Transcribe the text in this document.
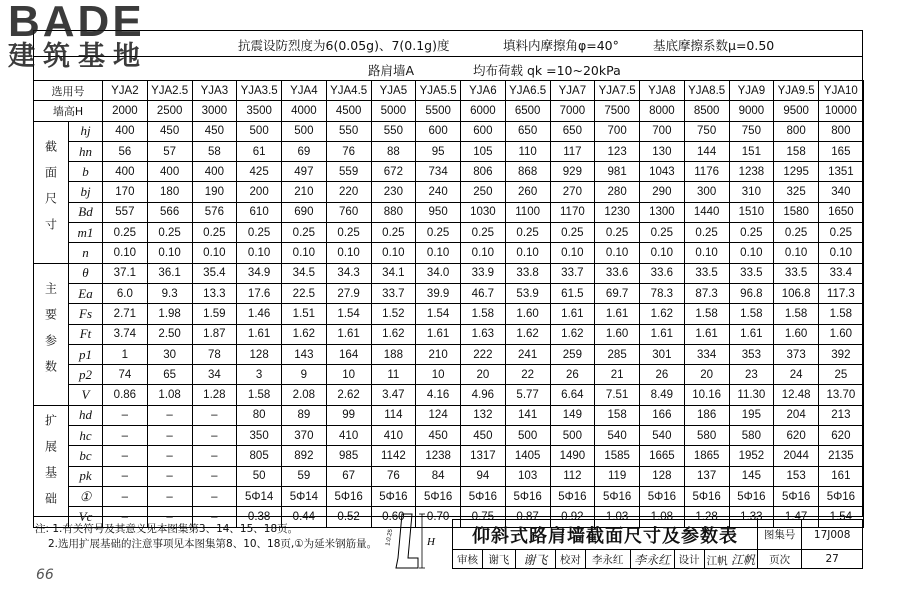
BADE
建筑基地	抗震设防烈度为6(0.05g)、7(0.1g)度	填料内摩擦角φ=40°	基底摩擦系数μ=0.50
路肩墙A	均布荷载 qk =10~20kPa
选用号		YJA2	YJA2.5	YJA3	YJA3.5	YJA4	YJA4.5	YJA5	YJA5.5	YJA6	YJA6.5	YJA7	YJA7.5	YJA8	YJA8.5	YJA9	YJA9.5	YJA10
墙高H		2000	2500	3000	3500	4000	4500	5000	5500	6000	6500	7000	7500	8000	8500	9000	9500	10000
截面尺寸	hj	400	450	450	500	500	550	550	600	600	650	650	700	700	750	750	800	800
	hn	56	57	58	61	69	76	88	95	105	110	117	123	130	144	151	158	165
	b	400	400	400	425	497	559	672	734	806	868	929	981	1043	1176	1238	1295	1351
	bj	170	180	190	200	210	220	230	240	250	260	270	280	290	300	310	325	340
	Bd	557	566	576	610	690	760	880	950	1030	1100	1170	1230	1300	1440	1510	1580	1650
	m1	0.25	0.25	0.25	0.25	0.25	0.25	0.25	0.25	0.25	0.25	0.25	0.25	0.25	0.25	0.25	0.25	0.25
	n	0.10	0.10	0.10	0.10	0.10	0.10	0.10	0.10	0.10	0.10	0.10	0.10	0.10	0.10	0.10	0.10	0.10
主要参数	θ	37.1	36.1	35.4	34.9	34.5	34.3	34.1	34.0	33.9	33.8	33.7	33.6	33.6	33.5	33.5	33.5	33.4
	Ea	6.0	9.3	13.3	17.6	22.5	27.9	33.7	39.9	46.7	53.9	61.5	69.7	78.3	87.3	96.8	106.8	117.3
	Fs	2.71	1.98	1.59	1.46	1.51	1.54	1.52	1.54	1.58	1.60	1.61	1.61	1.62	1.58	1.58	1.58	1.58
	Ft	3.74	2.50	1.87	1.61	1.62	1.61	1.62	1.61	1.63	1.62	1.62	1.60	1.61	1.61	1.61	1.60	1.60
	p1	1	30	78	128	143	164	188	210	222	241	259	285	301	334	353	373	392
	p2	74	65	34	3	9	10	11	10	20	22	26	21	26	20	23	24	25
	V	0.86	1.08	1.28	1.58	2.08	2.62	3.47	4.16	4.96	5.77	6.64	7.51	8.49	10.16	11.30	12.48	13.70
扩展基础	hd	–	–	–	80	89	99	114	124	132	141	149	158	166	186	195	204	213
	hc	–	–	–	350	370	410	410	450	450	500	500	540	540	580	580	620	620
	bc	–	–	–	805	892	985	1142	1238	1317	1405	1490	1585	1665	1865	1952	2044	2135
	pk	–	–	–	50	59	67	76	84	94	103	112	119	128	137	145	153	161
	①	–	–	–	5Φ14	5Φ14	5Φ16	5Φ16	5Φ16	5Φ16	5Φ16	5Φ16	5Φ16	5Φ16	5Φ16	5Φ16	5Φ16	5Φ16
	Vc	–	–	–	0.38	0.44	0.52	0.60	0.70	0.75	0.87	0.92	1.03	1.08	1.28	1.33	1.47	1.54
注: 1.有关符号及其意义见本图集第3、14、15、18页。
2.选用扩展基础的注意事项见本图集第8、10、18页,①为延米钢筋量。	H
1:0.25	仰斜式路肩墙截面尺寸及参数表								图集号	17J008
审核	谢飞	谢飞	校对	李永红	李永红	设计	江帆 江帆	页次	27
66
